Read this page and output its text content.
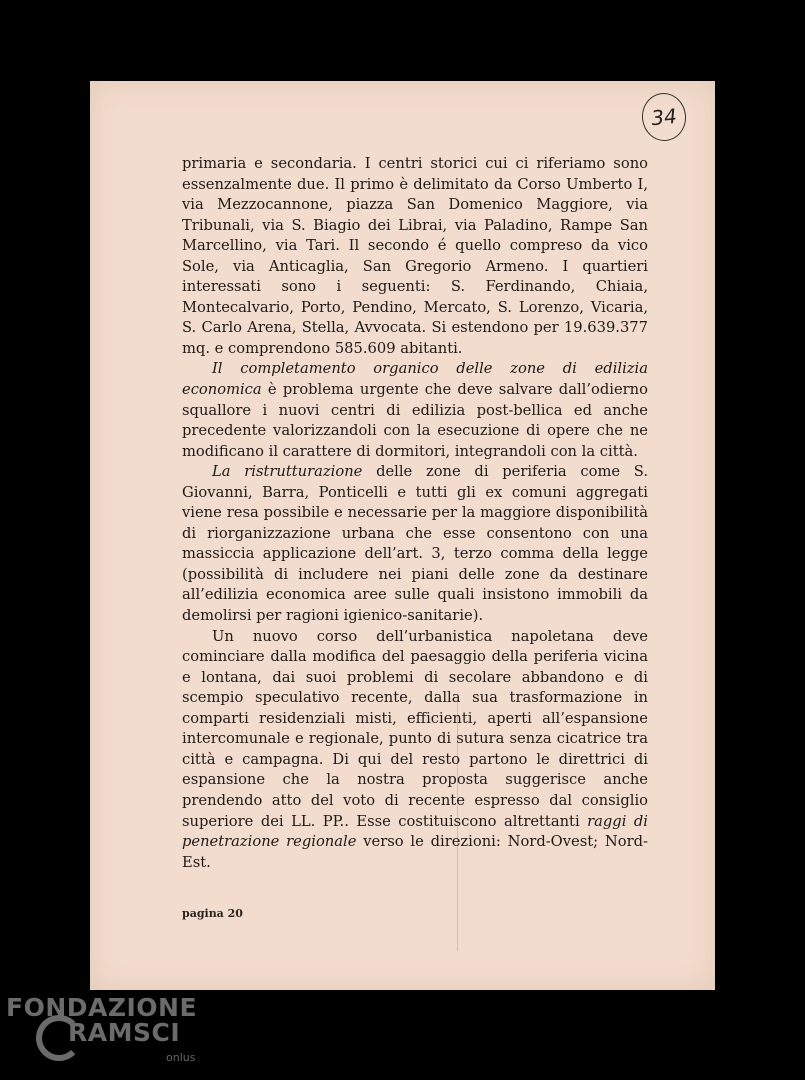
34

primaria e secondaria. I centri storici cui ci riferiamo sono essenzalmente due. Il primo è delimitato da Corso Umberto I, via Mezzocannone, piazza San Domenico Maggiore, via Tribunali, via S. Biagio dei Librai, via Paladino, Rampe San Marcellino, via Tari. Il secondo é quello compreso da vico Sole, via Anticaglia, San Gregorio Armeno. I quartieri interessati sono i seguenti: S. Ferdinando, Chiaia, Montecalvario, Porto, Pendino, Mercato, S. Lorenzo, Vicaria, S. Carlo Arena, Stella, Avvocata. Si estendono per 19.639.377 mq. e comprendono 585.609 abitanti.

Il completamento organico delle zone di edilizia economica è problema urgente che deve salvare dall’odierno squallore i nuovi centri di edilizia post-bellica ed anche precedente valorizzandoli con la esecuzione di opere che ne modificano il carattere di dormitori, integrandoli con la città.

La ristrutturazione delle zone di periferia come S. Giovanni, Barra, Ponticelli e tutti gli ex comuni aggregati viene resa possibile e necessarie per la maggiore disponibilità di riorganizzazione urbana che esse consentono con una massiccia applicazione dell’art. 3, terzo comma della legge (possibilità di includere nei piani delle zone da destinare all’edilizia economica aree sulle quali insistono immobili da demolirsi per ragioni igienico-sanitarie).

Un nuovo corso dell’urbanistica napoletana deve cominciare dalla modifica del paesaggio della periferia vicina e lontana, dai suoi problemi di secolare abbandono e di scempio speculativo recente, dalla sua trasformazione in comparti residenziali misti, efficienti, aperti all’espansione intercomunale e regionale, punto di sutura senza cicatrice tra città e campagna. Di qui del resto partono le direttrici di espansione che la nostra proposta suggerisce anche prendendo atto del voto di recente espresso dal consiglio superiore dei LL. PP.. Esse costituiscono altrettanti raggi di penetrazione regionale verso le direzioni: Nord-Ovest; Nord-Est.

pagina 20
FONDAZIONE
RAMSCI
onlus
